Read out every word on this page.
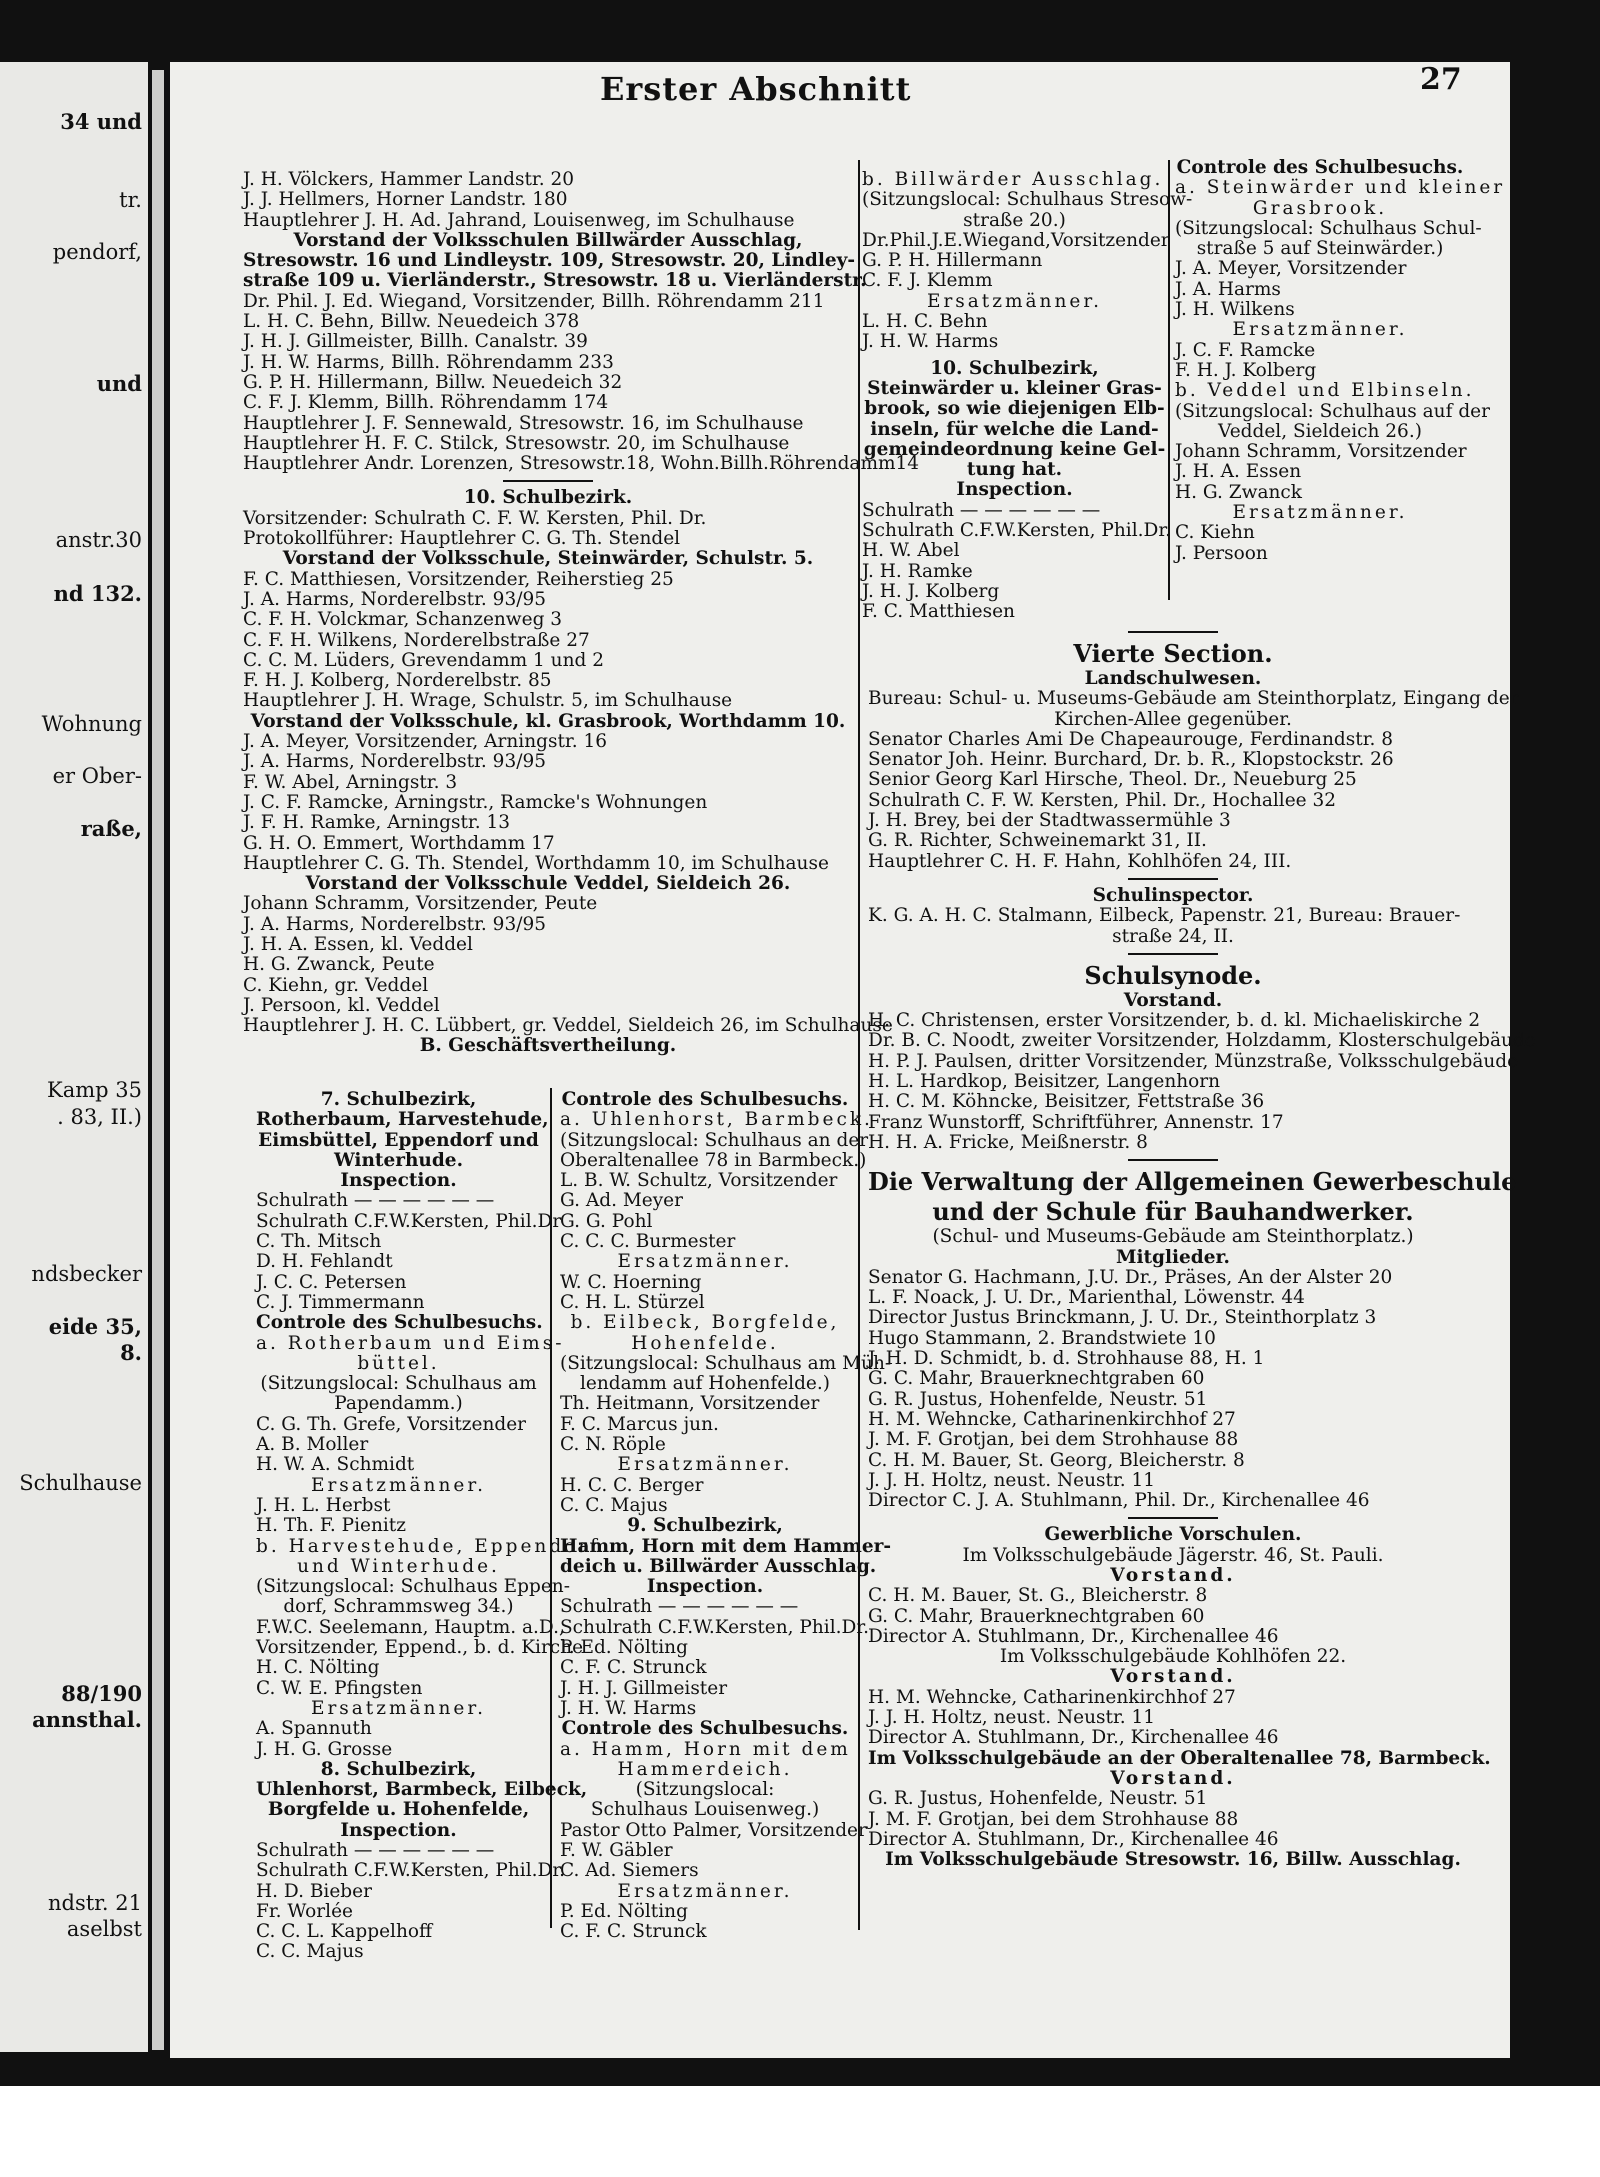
34 und
tr.
pendorf,
und
anstr.30
nd 132.
Wohnung
er Ober-
raße,
Kamp 35
. 83, II.)
ndsbecker
eide 35,
8.
Schulhause
88/190
annsthal.
ndstr. 21
aselbst
Erster Abschnitt	27
J. H. Völckers, Hammer Landstr. 20
J. J. Hellmers, Horner Landstr. 180
Hauptlehrer J. H. Ad. Jahrand, Louisenweg, im Schulhause
Vorstand der Volksschulen Billwärder Ausschlag,
Stresowstr. 16 und Lindleystr. 109, Stresowstr. 20, Lindley-
straße 109 u. Vierländerstr., Stresowstr. 18 u. Vierländerstr.
Dr. Phil. J. Ed. Wiegand, Vorsitzender, Billh. Röhrendamm 211
L. H. C. Behn, Billw. Neuedeich 378
J. H. J. Gillmeister, Billh. Canalstr. 39
J. H. W. Harms, Billh. Röhrendamm 233
G. P. H. Hillermann, Billw. Neuedeich 32
C. F. J. Klemm, Billh. Röhrendamm 174
Hauptlehrer J. F. Sennewald, Stresowstr. 16, im Schulhause
Hauptlehrer H. F. C. Stilck, Stresowstr. 20, im Schulhause
Hauptlehrer Andr. Lorenzen, Stresowstr.18, Wohn.Billh.Röhrendamm14
10. Schulbezirk.
Vorsitzender: Schulrath C. F. W. Kersten, Phil. Dr.
Protokollführer: Hauptlehrer C. G. Th. Stendel
Vorstand der Volksschule, Steinwärder, Schulstr. 5.
F. C. Matthiesen, Vorsitzender, Reiherstieg 25
J. A. Harms, Norderelbstr. 93/95
C. F. H. Volckmar, Schanzenweg 3
C. F. H. Wilkens, Norderelbstraße 27
C. C. M. Lüders, Grevendamm 1 und 2
F. H. J. Kolberg, Norderelbstr. 85
Hauptlehrer J. H. Wrage, Schulstr. 5, im Schulhause
Vorstand der Volksschule, kl. Grasbrook, Worthdamm 10.
J. A. Meyer, Vorsitzender, Arningstr. 16
J. A. Harms, Norderelbstr. 93/95
F. W. Abel, Arningstr. 3
J. C. F. Ramcke, Arningstr., Ramcke's Wohnungen
J. F. H. Ramke, Arningstr. 13
G. H. O. Emmert, Worthdamm 17
Hauptlehrer C. G. Th. Stendel, Worthdamm 10, im Schulhause
Vorstand der Volksschule Veddel, Sieldeich 26.
Johann Schramm, Vorsitzender, Peute
J. A. Harms, Norderelbstr. 93/95
J. H. A. Essen, kl. Veddel
H. G. Zwanck, Peute
C. Kiehn, gr. Veddel
J. Persoon, kl. Veddel
Hauptlehrer J. H. C. Lübbert, gr. Veddel, Sieldeich 26, im Schulhause
B. Geschäftsvertheilung.
b. Billwärder Ausschlag.
(Sitzungslocal: Schulhaus Stresow-
straße 20.)
Dr.Phil.J.E.Wiegand,Vorsitzender
G. P. H. Hillermann
C. F. J. Klemm
Ersatzmänner.
L. H. C. Behn
J. H. W. Harms
10. Schulbezirk,
Steinwärder u. kleiner Gras-
brook, so wie diejenigen Elb-
inseln, für welche die Land-
gemeindeordnung keine Gel-
tung hat.
Inspection.
Schulrath — — — — — —
Schulrath C.F.W.Kersten, Phil.Dr.
H. W. Abel
J. H. Ramke
J. H. J. Kolberg
F. C. Matthiesen
Controle des Schulbesuchs.
a. Steinwärder und kleiner
Grasbrook.
(Sitzungslocal: Schulhaus Schul-
straße 5 auf Steinwärder.)
J. A. Meyer, Vorsitzender
J. A. Harms
J. H. Wilkens
Ersatzmänner.
J. C. F. Ramcke
F. H. J. Kolberg
b. Veddel und Elbinseln.
(Sitzungslocal: Schulhaus auf der
Veddel, Sieldeich 26.)
Johann Schramm, Vorsitzender
J. H. A. Essen
H. G. Zwanck
Ersatzmänner.
C. Kiehn
J. Persoon
7. Schulbezirk,
Rotherbaum, Harvestehude,
Eimsbüttel, Eppendorf und
Winterhude.
Inspection.
Schulrath — — — — — —
Schulrath C.F.W.Kersten, Phil.Dr
C. Th. Mitsch
D. H. Fehlandt
J. C. C. Petersen
C. J. Timmermann
Controle des Schulbesuchs.
a. Rotherbaum und Eims-
büttel.
(Sitzungslocal: Schulhaus am
Papendamm.)
C. G. Th. Grefe, Vorsitzender
A. B. Moller
H. W. A. Schmidt
Ersatzmänner.
J. H. L. Herbst
H. Th. F. Pienitz
b. Harvestehude, Eppendorf
und Winterhude.
(Sitzungslocal: Schulhaus Eppen-
dorf, Schrammsweg 34.)
F.W.C. Seelemann, Hauptm. a.D.,
Vorsitzender, Eppend., b. d. Kirche
H. C. Nölting
C. W. E. Pfingsten
Ersatzmänner.
A. Spannuth
J. H. G. Grosse
8. Schulbezirk,
Uhlenhorst, Barmbeck, Eilbeck,
Borgfelde u. Hohenfelde,
Inspection.
Schulrath — — — — — —
Schulrath C.F.W.Kersten, Phil.Dr.
H. D. Bieber
Fr. Worlée
C. C. L. Kappelhoff
C. C. Majus
Controle des Schulbesuchs.
a. Uhlenhorst, Barmbeck.
(Sitzungslocal: Schulhaus an der
Oberaltenallee 78 in Barmbeck.)
L. B. W. Schultz, Vorsitzender
G. Ad. Meyer
G. G. Pohl
C. C. C. Burmester
Ersatzmänner.
W. C. Hoerning
C. H. L. Stürzel
b. Eilbeck, Borgfelde,
Hohenfelde.
(Sitzungslocal: Schulhaus am Müh-
lendamm auf Hohenfelde.)
Th. Heitmann, Vorsitzender
F. C. Marcus jun.
C. N. Röple
Ersatzmänner.
H. C. C. Berger
C. C. Majus
9. Schulbezirk,
Hamm, Horn mit dem Hammer-
deich u. Billwärder Ausschlag.
Inspection.
Schulrath — — — — — —
Schulrath C.F.W.Kersten, Phil.Dr.
P. Ed. Nölting
C. F. C. Strunck
J. H. J. Gillmeister
J. H. W. Harms
Controle des Schulbesuchs.
a. Hamm, Horn mit dem
Hammerdeich.
(Sitzungslocal:
Schulhaus Louisenweg.)
Pastor Otto Palmer, Vorsitzender
F. W. Gäbler
C. Ad. Siemers
Ersatzmänner.
P. Ed. Nölting
C. F. C. Strunck
Vierte Section.
Landschulwesen.
Bureau: Schul- u. Museums-Gebäude am Steinthorplatz, Eingang der
Kirchen-Allee gegenüber.
Senator Charles Ami De Chapeaurouge, Ferdinandstr. 8
Senator Joh. Heinr. Burchard, Dr. b. R., Klopstockstr. 26
Senior Georg Karl Hirsche, Theol. Dr., Neueburg 25
Schulrath C. F. W. Kersten, Phil. Dr., Hochallee 32
J. H. Brey, bei der Stadtwassermühle 3
G. R. Richter, Schweinemarkt 31, II.
Hauptlehrer C. H. F. Hahn, Kohlhöfen 24, III.
Schulinspector.
K. G. A. H. C. Stalmann, Eilbeck, Papenstr. 21, Bureau: Brauer-
straße 24, II.
Schulsynode.
Vorstand.
H. C. Christensen, erster Vorsitzender, b. d. kl. Michaeliskirche 2
Dr. B. C. Noodt, zweiter Vorsitzender, Holzdamm, Klosterschulgebäude
H. P. J. Paulsen, dritter Vorsitzender, Münzstraße, Volksschulgebäude
H. L. Hardkop, Beisitzer, Langenhorn
H. C. M. Köhncke, Beisitzer, Fettstraße 36
Franz Wunstorff, Schriftführer, Annenstr. 17
H. H. A. Fricke, Meißnerstr. 8
Die Verwaltung der Allgemeinen Gewerbeschule
und der Schule für Bauhandwerker.
(Schul- und Museums-Gebäude am Steinthorplatz.)
Mitglieder.
Senator G. Hachmann, J.U. Dr., Präses, An der Alster 20
L. F. Noack, J. U. Dr., Marienthal, Löwenstr. 44
Director Justus Brinckmann, J. U. Dr., Steinthorplatz 3
Hugo Stammann, 2. Brandstwiete 10
J. H. D. Schmidt, b. d. Strohhause 88, H. 1
G. C. Mahr, Brauerknechtgraben 60
G. R. Justus, Hohenfelde, Neustr. 51
H. M. Wehncke, Catharinenkirchhof 27
J. M. F. Grotjan, bei dem Strohhause 88
C. H. M. Bauer, St. Georg, Bleicherstr. 8
J. J. H. Holtz, neust. Neustr. 11
Director C. J. A. Stuhlmann, Phil. Dr., Kirchenallee 46
Gewerbliche Vorschulen.
Im Volksschulgebäude Jägerstr. 46, St. Pauli.
Vorstand.
C. H. M. Bauer, St. G., Bleicherstr. 8
G. C. Mahr, Brauerknechtgraben 60
Director A. Stuhlmann, Dr., Kirchenallee 46
Im Volksschulgebäude Kohlhöfen 22.
Vorstand.
H. M. Wehncke, Catharinenkirchhof 27
J. J. H. Holtz, neust. Neustr. 11
Director A. Stuhlmann, Dr., Kirchenallee 46
Im Volksschulgebäude an der Oberaltenallee 78, Barmbeck.
Vorstand.
G. R. Justus, Hohenfelde, Neustr. 51
J. M. F. Grotjan, bei dem Strohhause 88
Director A. Stuhlmann, Dr., Kirchenallee 46
Im Volksschulgebäude Stresowstr. 16, Billw. Ausschlag.
